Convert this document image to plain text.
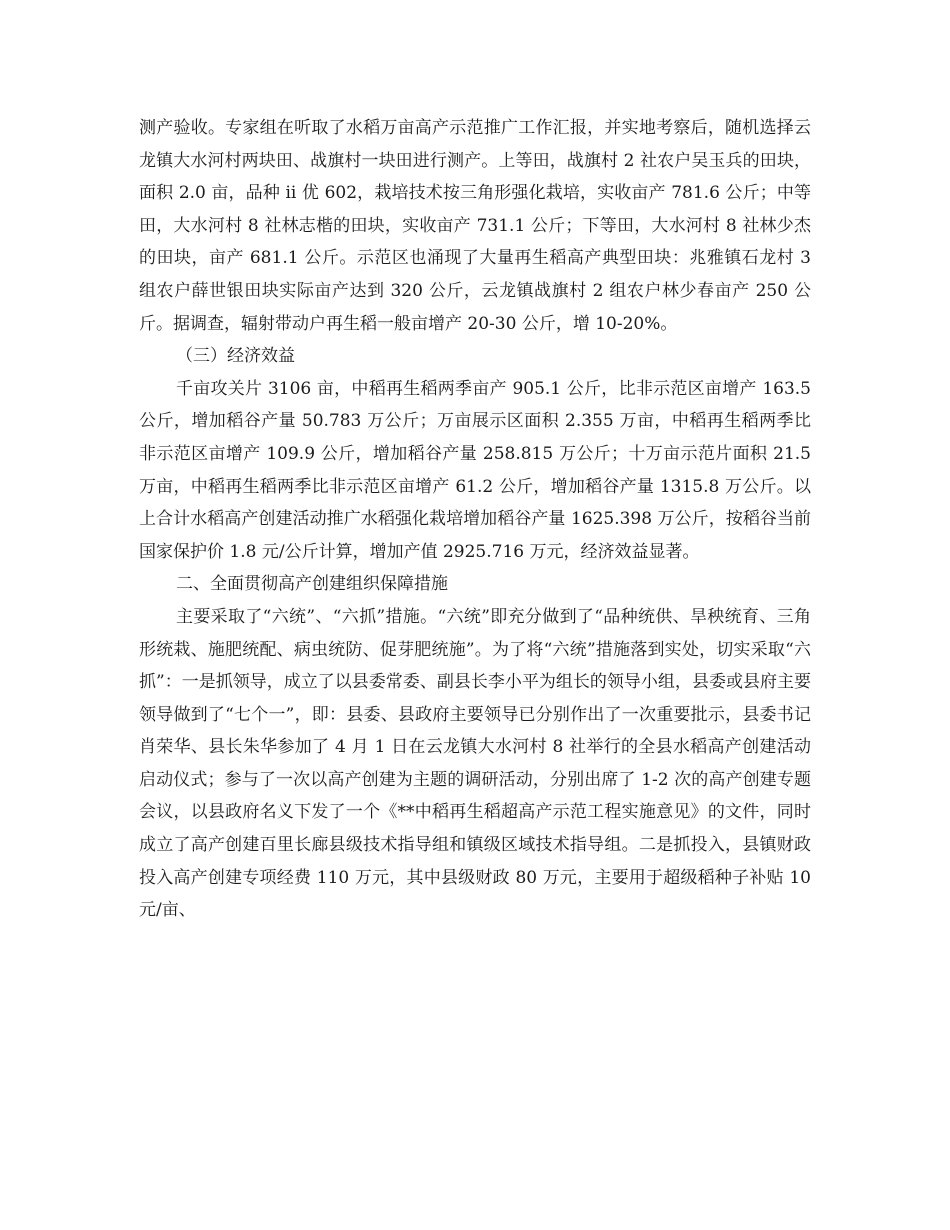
测产验收。专家组在听取了水稻万亩高产示范推广工作汇报，并实地考察后，随机选择云龙镇大水河村两块田、战旗村一块田进行测产。上等田，战旗村 2 社农户吴玉兵的田块，面积 2.0 亩，品种 ii 优 602，栽培技术按三角形强化栽培，实收亩产 781.6 公斤；中等田，大水河村 8 社林志楷的田块，实收亩产 731.1 公斤；下等田，大水河村 8 社林少杰的田块，亩产 681.1 公斤。示范区也涌现了大量再生稻高产典型田块：兆雅镇石龙村 3 组农户薛世银田块实际亩产达到 320 公斤，云龙镇战旗村 2 组农户林少春亩产 250 公斤。据调查，辐射带动户再生稻一般亩增产 20-30 公斤，增 10-20%。

（三）经济效益

千亩攻关片 3106 亩，中稻再生稻两季亩产 905.1 公斤，比非示范区亩增产 163.5 公斤，增加稻谷产量 50.783 万公斤；万亩展示区面积 2.355 万亩，中稻再生稻两季比非示范区亩增产 109.9 公斤，增加稻谷产量 258.815 万公斤；十万亩示范片面积 21.5 万亩，中稻再生稻两季比非示范区亩增产 61.2 公斤，增加稻谷产量 1315.8 万公斤。以上合计水稻高产创建活动推广水稻强化栽培增加稻谷产量 1625.398 万公斤，按稻谷当前国家保护价 1.8 元/公斤计算，增加产值 2925.716 万元，经济效益显著。

二、全面贯彻高产创建组织保障措施

主要采取了“六统”、“六抓”措施。“六统”即充分做到了“品种统供、旱秧统育、三角形统栽、施肥统配、病虫统防、促芽肥统施”。为了将“六统”措施落到实处，切实采取“六抓”：一是抓领导，成立了以县委常委、副县长李小平为组长的领导小组，县委或县府主要领导做到了“七个一”，即：县委、县政府主要领导已分别作出了一次重要批示，县委书记肖荣华、县长朱华参加了 4 月 1 日在云龙镇大水河村 8 社举行的全县水稻高产创建活动启动仪式；参与了一次以高产创建为主题的调研活动，分别出席了 1-2 次的高产创建专题会议，以县政府名义下发了一个《**中稻再生稻超高产示范工程实施意见》的文件，同时成立了高产创建百里长廊县级技术指导组和镇级区域技术指导组。二是抓投入，县镇财政投入高产创建专项经费 110 万元，其中县级财政 80 万元，主要用于超级稻种子补贴 10 元/亩、
